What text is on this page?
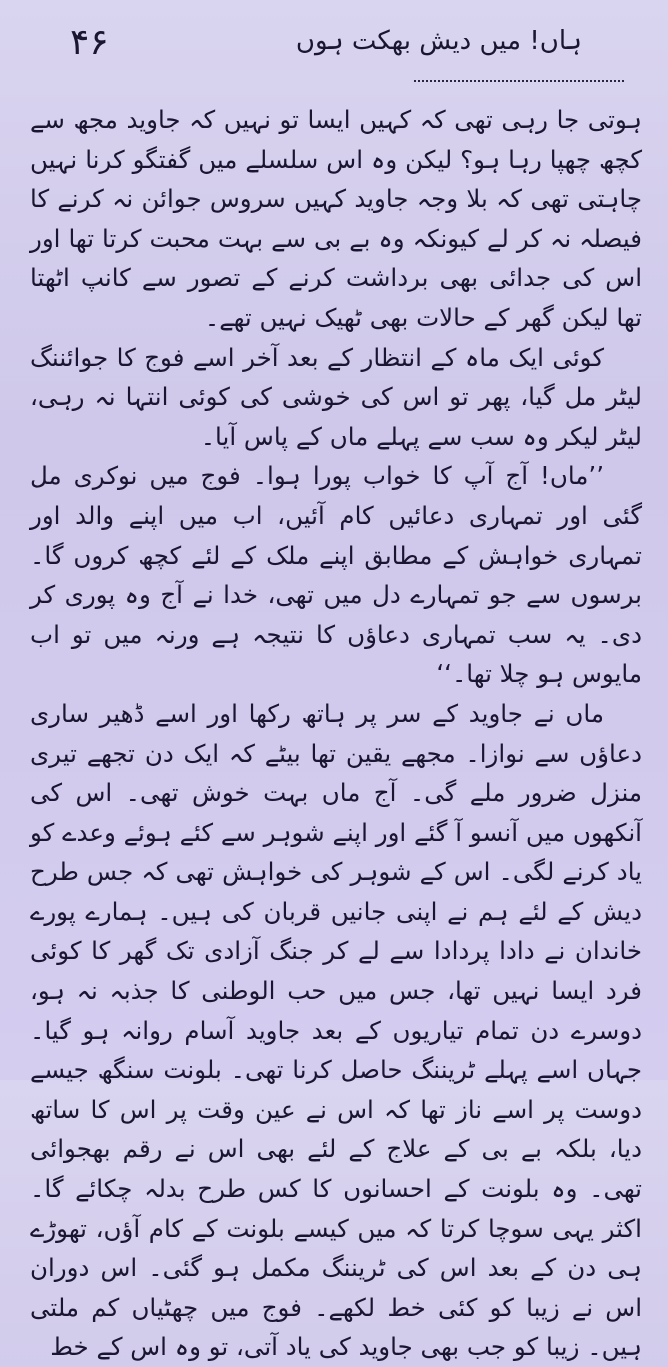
۴۶	ہاں! میں دیش بھکت ہوں

ہوتی جا رہی تھی کہ کہیں ایسا تو نہیں کہ جاوید مجھ سے کچھ چھپا رہا ہو؟ لیکن وہ اس سلسلے میں گفتگو کرنا نہیں چاہتی تھی کہ بلا وجہ جاوید کہیں سروس جوائن نہ کرنے کا فیصلہ نہ کر لے کیونکہ وہ بے بی سے بہت محبت کرتا تھا اور اس کی جدائی بھی برداشت کرنے کے تصور سے کانپ اٹھتا تھا لیکن گھر کے حالات بھی ٹھیک نہیں تھے۔

کوئی ایک ماہ کے انتظار کے بعد آخر اسے فوج کا جوائننگ لیٹر مل گیا، پھر تو اس کی خوشی کی کوئی انتہا نہ رہی، لیٹر لیکر وہ سب سے پہلے ماں کے پاس آیا۔

’’ماں! آج آپ کا خواب پورا ہوا۔ فوج میں نوکری مل گئی اور تمہاری دعائیں کام آئیں، اب میں اپنے والد اور تمہاری خواہش کے مطابق اپنے ملک کے لئے کچھ کروں گا۔ برسوں سے جو تمہارے دل میں تھی، خدا نے آج وہ پوری کر دی۔ یہ سب تمہاری دعاؤں کا نتیجہ ہے ورنہ میں تو اب مایوس ہو چلا تھا۔‘‘

ماں نے جاوید کے سر پر ہاتھ رکھا اور اسے ڈھیر ساری دعاؤں سے نوازا۔ مجھے یقین تھا بیٹے کہ ایک دن تجھے تیری منزل ضرور ملے گی۔ آج ماں بہت خوش تھی۔ اس کی آنکھوں میں آنسو آ گئے اور اپنے شوہر سے کئے ہوئے وعدے کو یاد کرنے لگی۔ اس کے شوہر کی خواہش تھی کہ جس طرح دیش کے لئے ہم نے اپنی جانیں قربان کی ہیں۔ ہمارے پورے خاندان نے دادا پردادا سے لے کر جنگ آزادی تک گھر کا کوئی فرد ایسا نہیں تھا، جس میں حب الوطنی کا جذبہ نہ ہو، دوسرے دن تمام تیاریوں کے بعد جاوید آسام روانہ ہو گیا۔ جہاں اسے پہلے ٹریننگ حاصل کرنا تھی۔ بلونت سنگھ جیسے دوست پر اسے ناز تھا کہ اس نے عین وقت پر اس کا ساتھ دیا، بلکہ بے بی کے علاج کے لئے بھی اس نے رقم بھجوائی تھی۔ وہ بلونت کے احسانوں کا کس طرح بدلہ چکائے گا۔ اکثر یہی سوچا کرتا کہ میں کیسے بلونت کے کام آؤں، تھوڑے ہی دن کے بعد اس کی ٹریننگ مکمل ہو گئی۔ اس دوران اس نے زیبا کو کئی خط لکھے۔ فوج میں چھٹیاں کم ملتی ہیں۔ زیبا کو جب بھی جاوید کی یاد آتی، تو وہ اس کے خط
